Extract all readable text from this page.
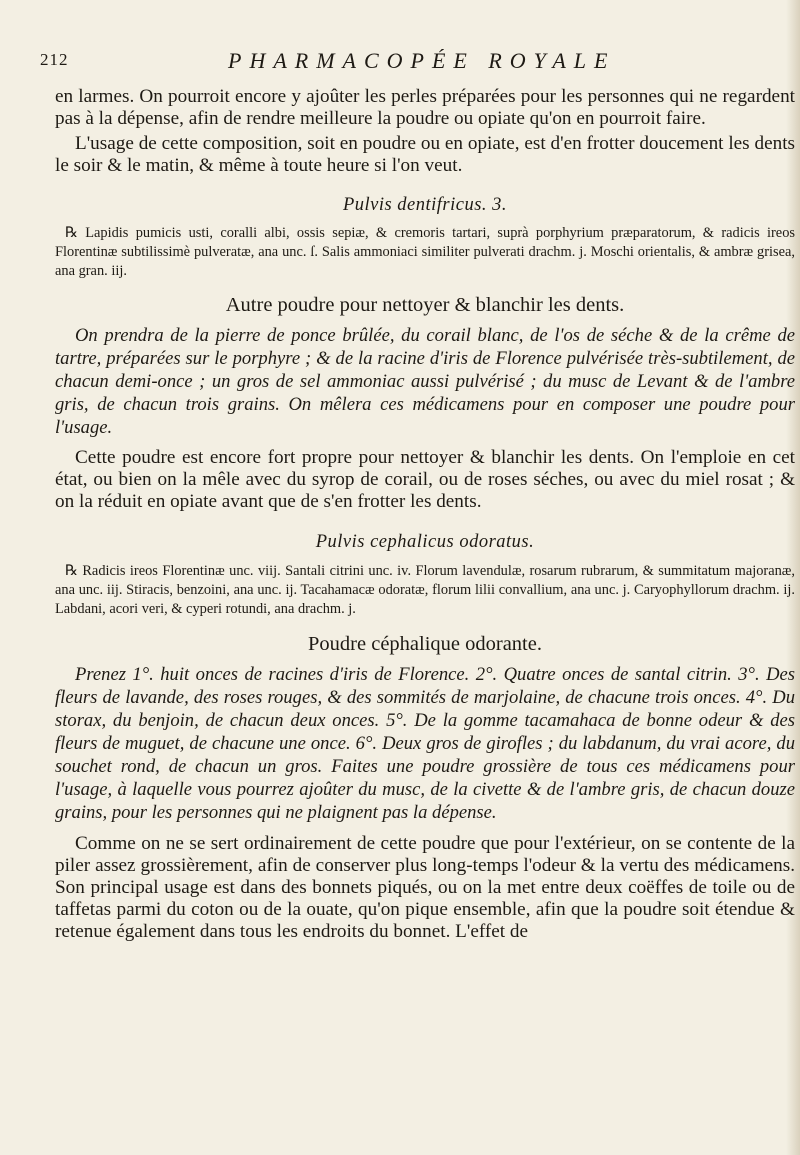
212	PHARMACOPÉE ROYALE

en larmes. On pourroit encore y ajoûter les perles préparées pour les personnes qui ne regardent pas à la dépense, afin de rendre meilleure la poudre ou opiate qu'on en pourroit faire.

L'usage de cette composition, soit en poudre ou en opiate, est d'en frotter doucement les dents le soir & le matin, & même à toute heure si l'on veut.

Pulvis dentifricus. 3.

℞ Lapidis pumicis usti, coralli albi, ossis sepiæ, & cremoris tartari, suprà porphyrium præparatorum, & radicis ireos Florentinæ subtilissimè pulveratæ, ana unc. ſ. Salis ammoniaci similiter pulverati drachm. j. Moschi orientalis, & ambræ grisea, ana gran. iij.

Autre poudre pour nettoyer & blanchir les dents.

On prendra de la pierre de ponce brûlée, du corail blanc, de l'os de séche & de la crême de tartre, préparées sur le porphyre ; & de la racine d'iris de Florence pulvérisée très-subtilement, de chacun demi-once ; un gros de sel ammoniac aussi pulvérisé ; du musc de Levant & de l'ambre gris, de chacun trois grains. On mêlera ces médicamens pour en composer une poudre pour l'usage.

Cette poudre est encore fort propre pour nettoyer & blanchir les dents. On l'emploie en cet état, ou bien on la mêle avec du syrop de corail, ou de roses séches, ou avec du miel rosat ; & on la réduit en opiate avant que de s'en frotter les dents.

Pulvis cephalicus odoratus.

℞ Radicis ireos Florentinæ unc. viij. Santali citrini unc. iv. Florum lavendulæ, rosarum rubrarum, & summitatum majoranæ, ana unc. iij. Stiracis, benzoini, ana unc. ij. Tacahamacæ odoratæ, florum lilii convallium, ana unc. j. Caryophyllorum drachm. ij. Labdani, acori veri, & cyperi rotundi, ana drachm. j.

Poudre céphalique odorante.

Prenez 1°. huit onces de racines d'iris de Florence. 2°. Quatre onces de santal citrin. 3°. Des fleurs de lavande, des roses rouges, & des sommités de marjolaine, de chacune trois onces. 4°. Du storax, du benjoin, de chacun deux onces. 5°. De la gomme tacamahaca de bonne odeur & des fleurs de muguet, de chacune une once. 6°. Deux gros de girofles ; du labdanum, du vrai acore, du souchet rond, de chacun un gros. Faites une poudre grossière de tous ces médicamens pour l'usage, à laquelle vous pourrez ajoûter du musc, de la civette & de l'ambre gris, de chacun douze grains, pour les personnes qui ne plaignent pas la dépense.

Comme on ne se sert ordinairement de cette poudre que pour l'extérieur, on se contente de la piler assez grossièrement, afin de conserver plus long-temps l'odeur & la vertu des médicamens. Son principal usage est dans des bonnets piqués, ou on la met entre deux coëffes de toile ou de taffetas parmi du coton ou de la ouate, qu'on pique ensemble, afin que la poudre soit étendue & retenue également dans tous les endroits du bonnet. L'effet de
